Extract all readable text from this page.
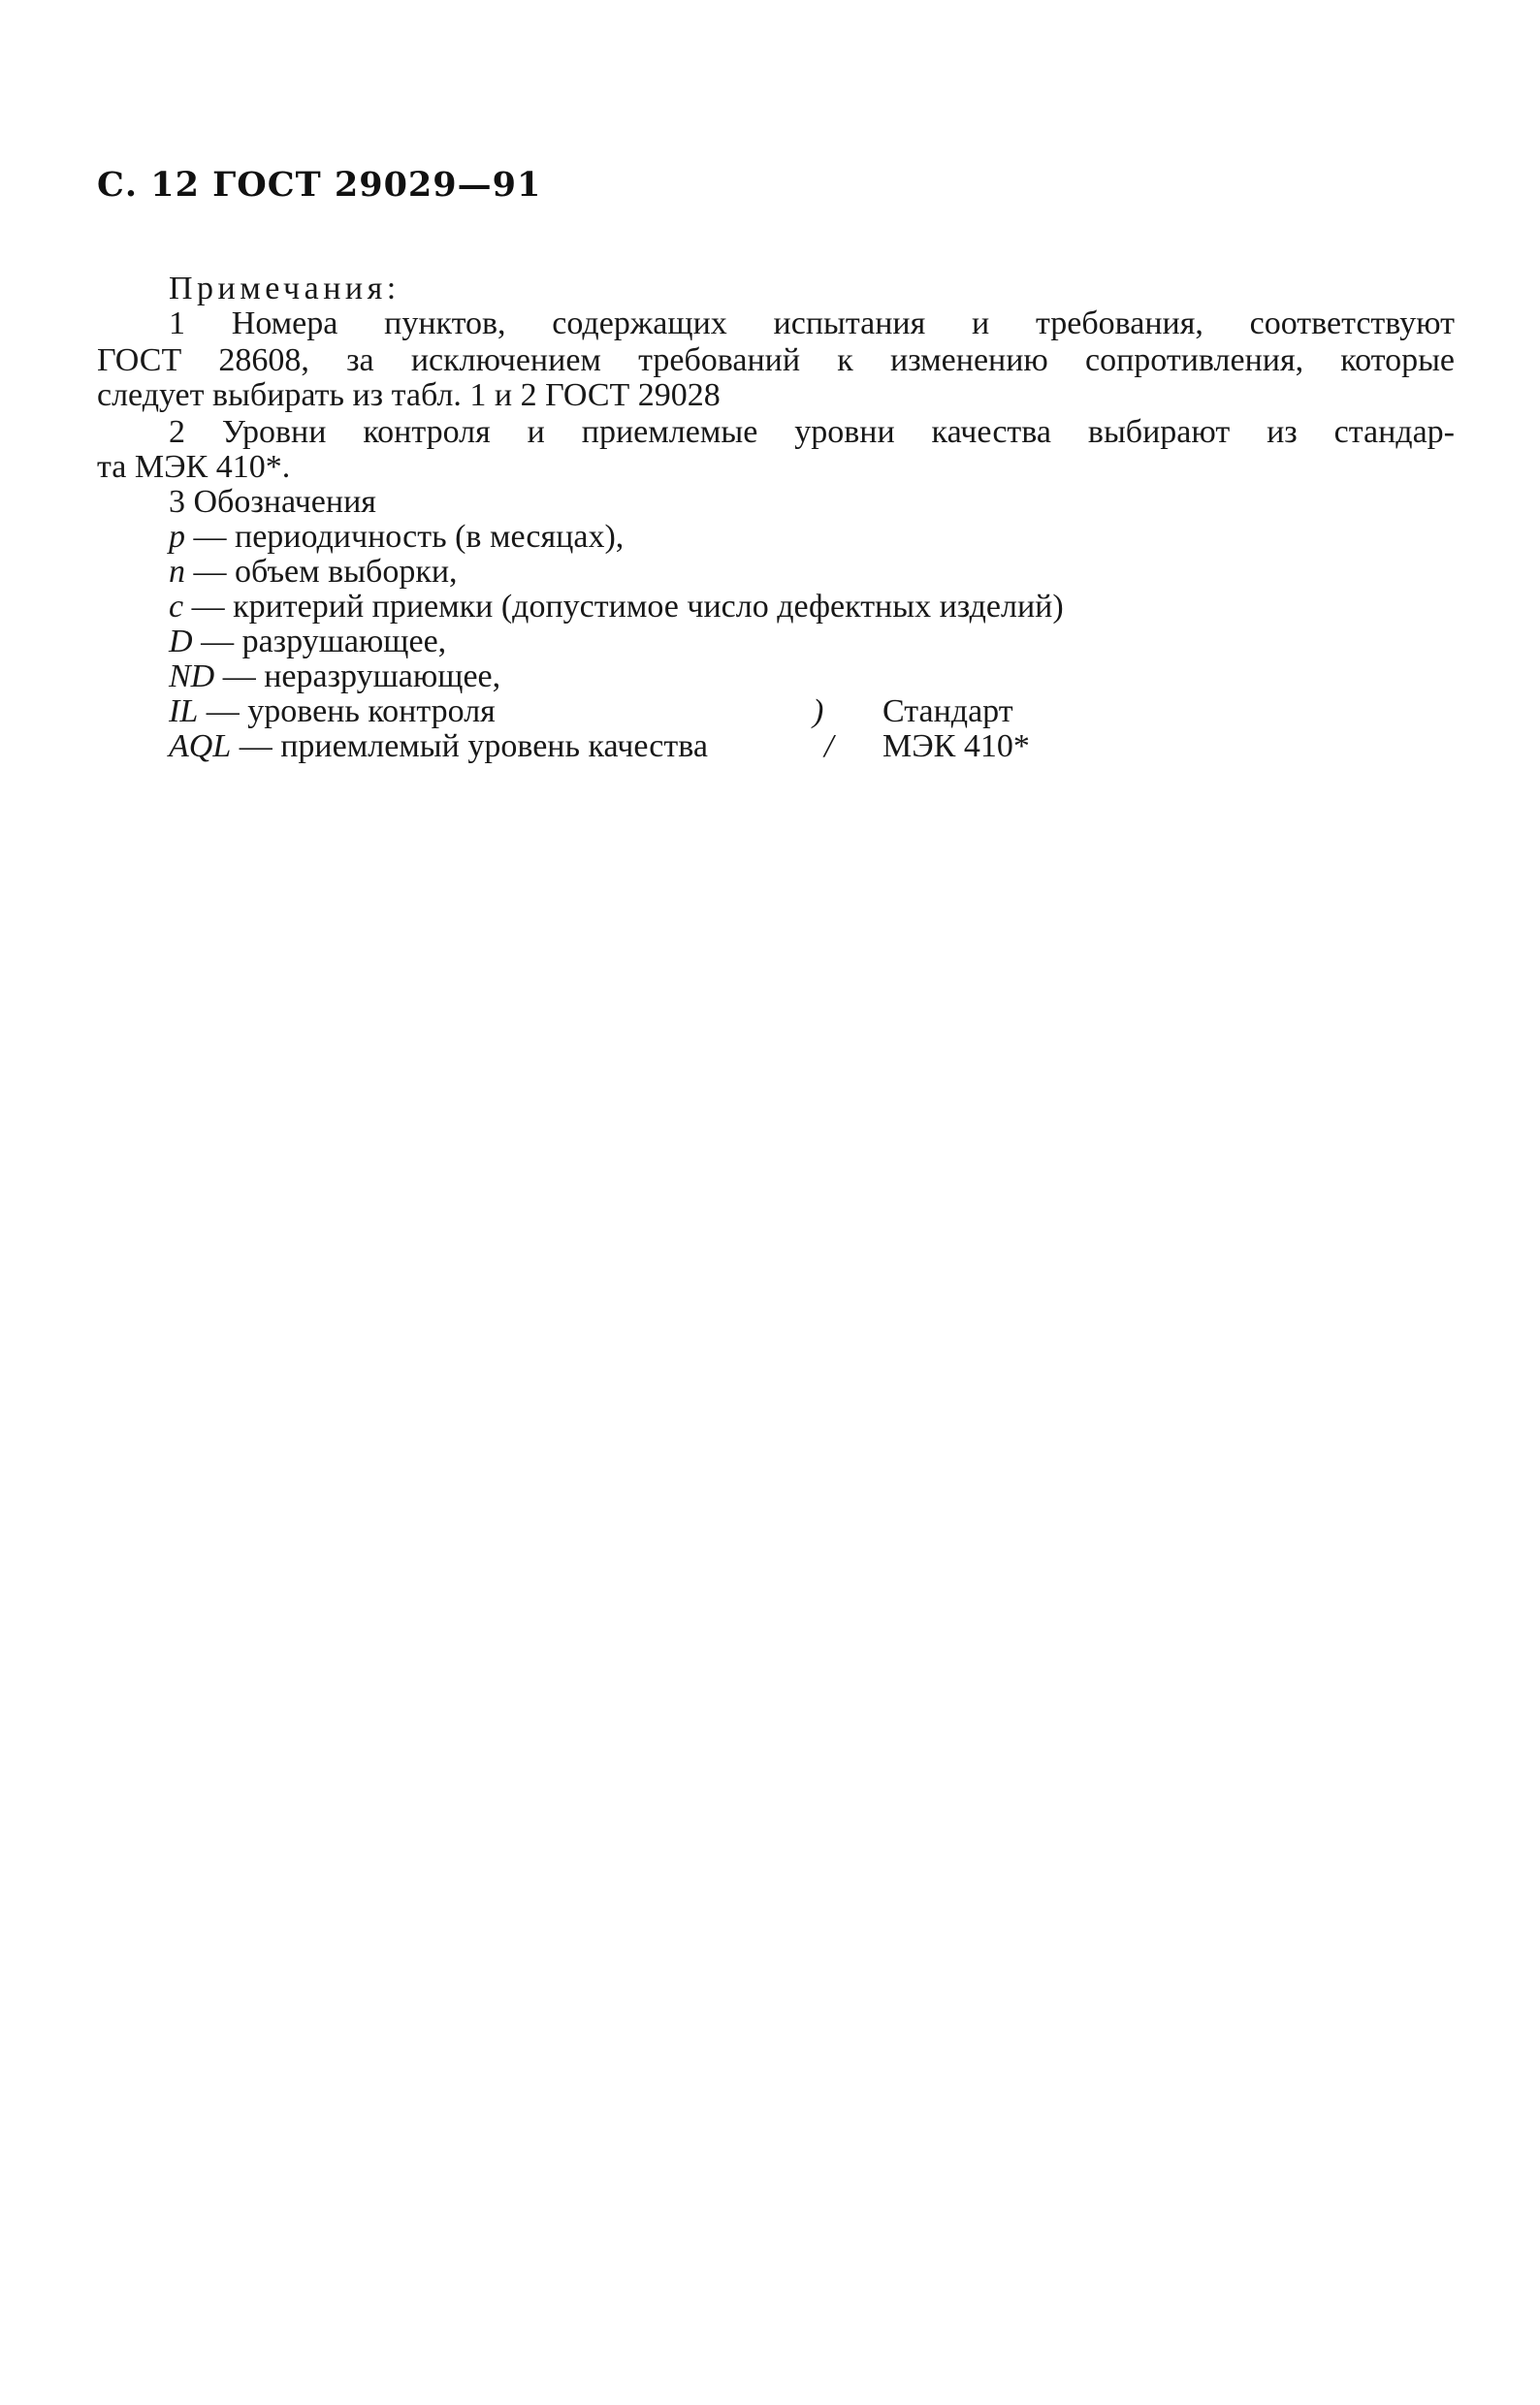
С. 12 ГОСТ 29029—91
Примечания:
1 Номера пунктов, содержащих испытания и требования, соответствуют
ГОСТ 28608, за исключением требований к изменению сопротивления, которые
следует выбирать из табл. 1 и 2 ГОСТ 29028
2 Уровни контроля и приемлемые уровни качества выбирают из стандар-
та МЭК 410*.
3 Обозначения
p — периодичность (в месяцах),
n — объем выборки,
c — критерий приемки (допустимое число дефектных изделий)
D — разрушающее,
ND — неразрушающее,
IL — уровень контроля
AQL — приемлемый уровень качества
)
/
Стандарт
МЭК 410*
